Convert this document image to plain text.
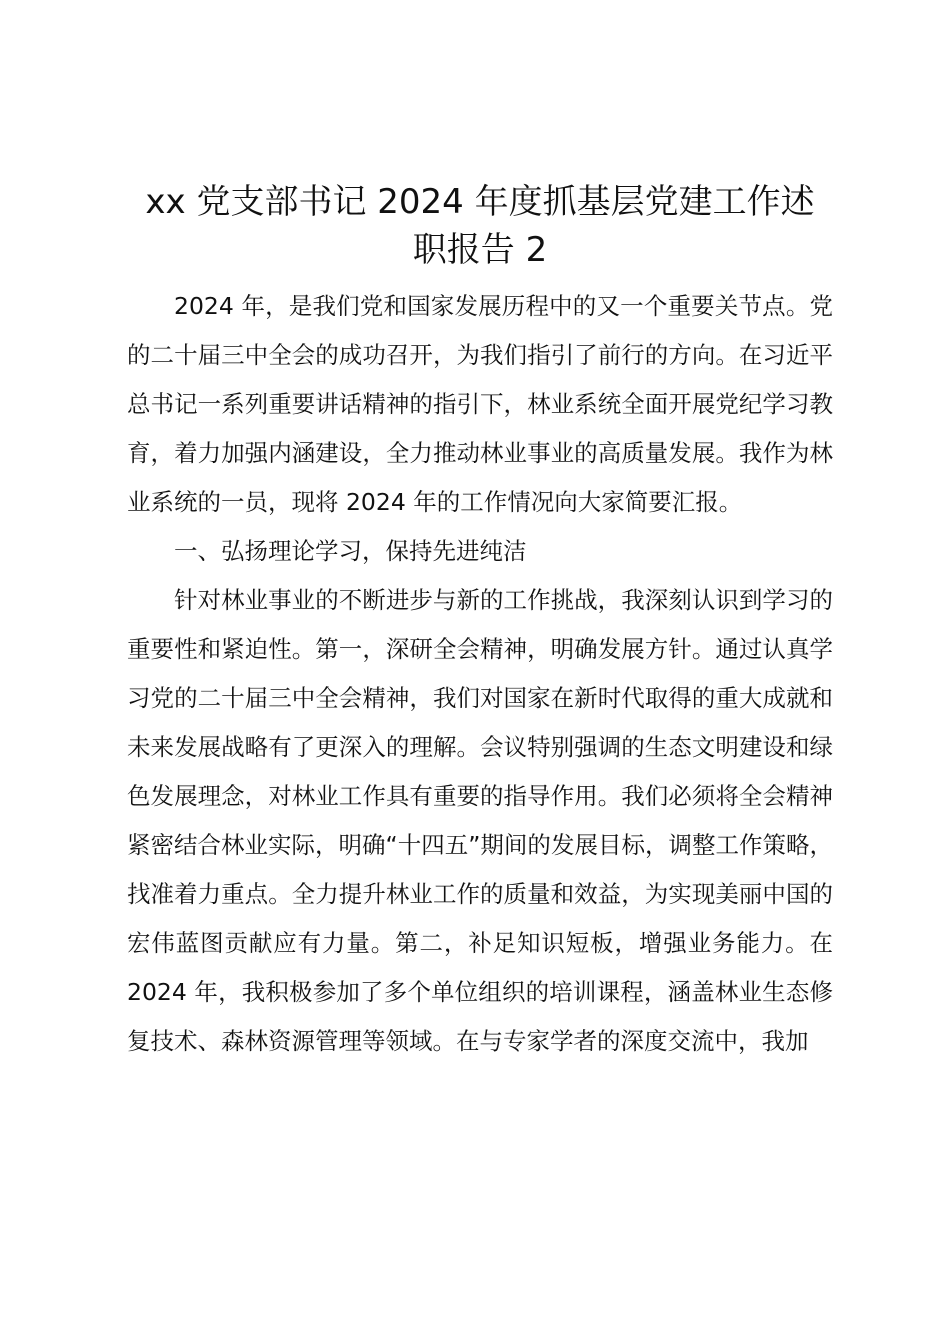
xx 党支部书记 2024 年度抓基层党建工作述
职报告 2

2024 年，是我们党和国家发展历程中的又一个重要关节点。党的二十届三中全会的成功召开，为我们指引了前行的方向。在习近平总书记一系列重要讲话精神的指引下，林业系统全面开展党纪学习教育，着力加强内涵建设，全力推动林业事业的高质量发展。我作为林业系统的一员，现将 2024 年的工作情况向大家简要汇报。

一、弘扬理论学习，保持先进纯洁

针对林业事业的不断进步与新的工作挑战，我深刻认识到学习的重要性和紧迫性。第一，深研全会精神，明确发展方针。通过认真学习党的二十届三中全会精神，我们对国家在新时代取得的重大成就和未来发展战略有了更深入的理解。会议特别强调的生态文明建设和绿色发展理念，对林业工作具有重要的指导作用。我们必须将全会精神紧密结合林业实际，明确“十四五”期间的发展目标，调整工作策略，找准着力重点。全力提升林业工作的质量和效益，为实现美丽中国的宏伟蓝图贡献应有力量。第二，补足知识短板，增强业务能力。在 2024 年，我积极参加了多个单位组织的培训课程，涵盖林业生态修复技术、森林资源管理等领域。在与专家学者的深度交流中，我加
